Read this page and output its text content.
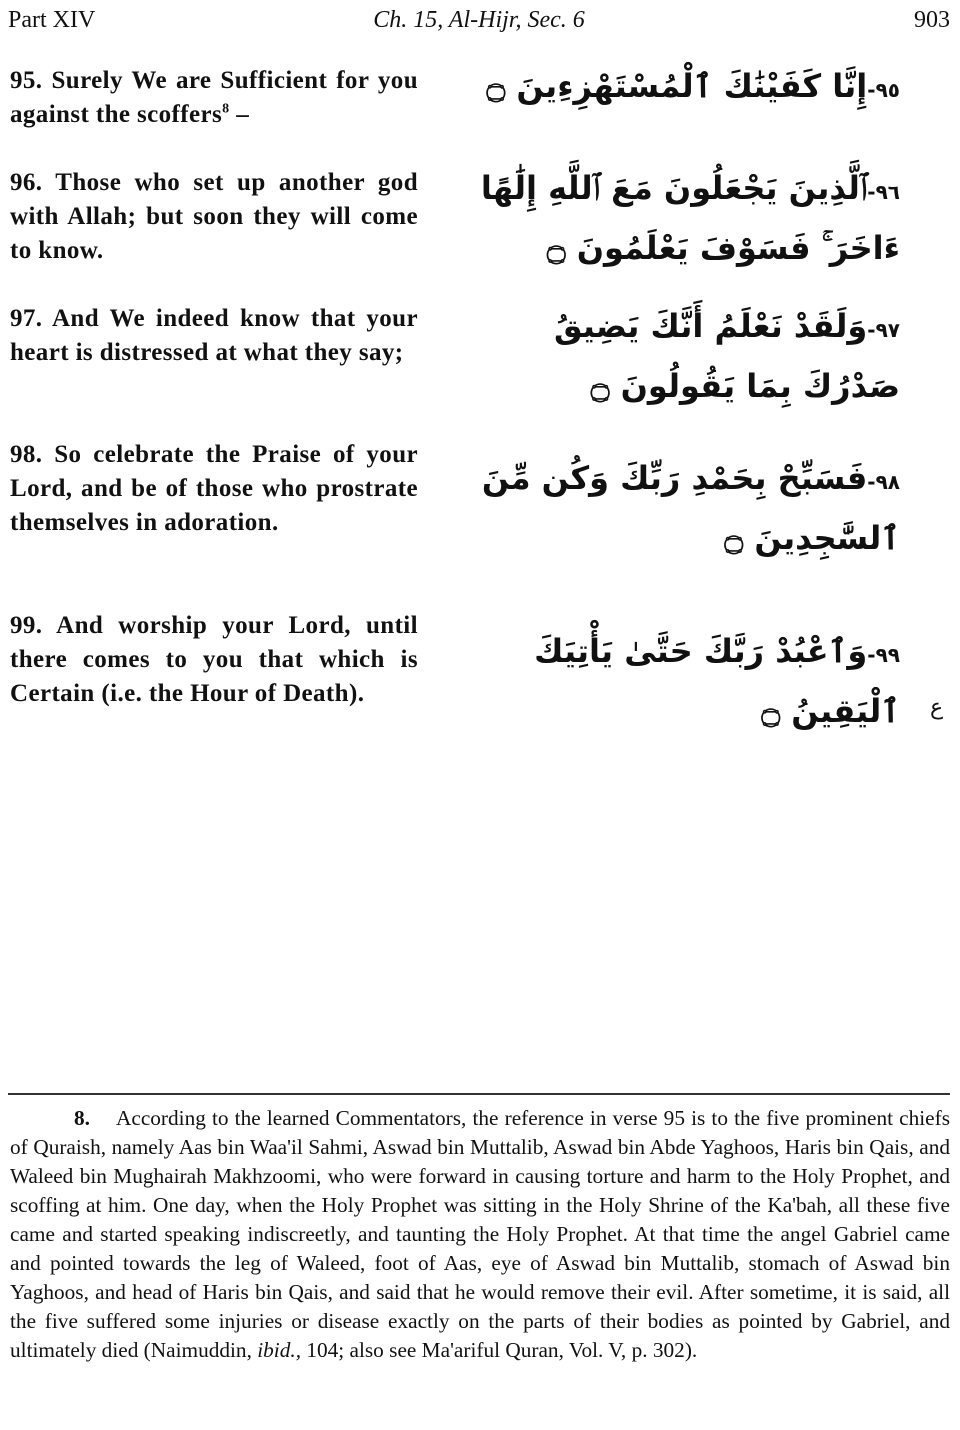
Part XIV	Ch. 15, Al-Hijr, Sec. 6	903
95. Surely We are Sufficient for you against the scoffers$^8$ –
٩٥-إِنَّا كَفَيْنَٰكَ ٱلْمُسْتَهْزِءِينَ ۝
96. Those who set up another god with Allah; but soon they will come to know.
٩٦-ٱلَّذِينَ يَجْعَلُونَ مَعَ ٱللَّهِ إِلَٰهًا ءَاخَرَ ۚ فَسَوْفَ يَعْلَمُونَ ۝
97. And We indeed know that your heart is distressed at what they say;
٩٧-وَلَقَدْ نَعْلَمُ أَنَّكَ يَضِيقُ صَدْرُكَ بِمَا يَقُولُونَ ۝
98. So celebrate the Praise of your Lord, and be of those who prostrate themselves in adoration.
٩٨-فَسَبِّحْ بِحَمْدِ رَبِّكَ وَكُن مِّنَ ٱلسَّٰجِدِينَ ۝
99. And worship your Lord, until there comes to you that which is Certain (i.e. the Hour of Death).
٩٩-وَٱعْبُدْ رَبَّكَ حَتَّىٰ يَأْتِيَكَ ٱلْيَقِينُ ۝ ع
8. According to the learned Commentators, the reference in verse 95 is to the five prominent chiefs of Quraish, namely Aas bin Waa'il Sahmi, Aswad bin Muttalib, Aswad bin Abde Yaghoos, Haris bin Qais, and Waleed bin Mughairah Makhzoomi, who were forward in causing torture and harm to the Holy Prophet, and scoffing at him. One day, when the Holy Prophet was sitting in the Holy Shrine of the Ka'bah, all these five came and started speaking indiscreetly, and taunting the Holy Prophet. At that time the angel Gabriel came and pointed towards the leg of Waleed, foot of Aas, eye of Aswad bin Muttalib, stomach of Aswad bin Yaghoos, and head of Haris bin Qais, and said that he would remove their evil. After sometime, it is said, all the five suffered some injuries or disease exactly on the parts of their bodies as pointed by Gabriel, and ultimately died (Naimuddin, ibid., 104; also see Ma'ariful Quran, Vol. V, p. 302).
